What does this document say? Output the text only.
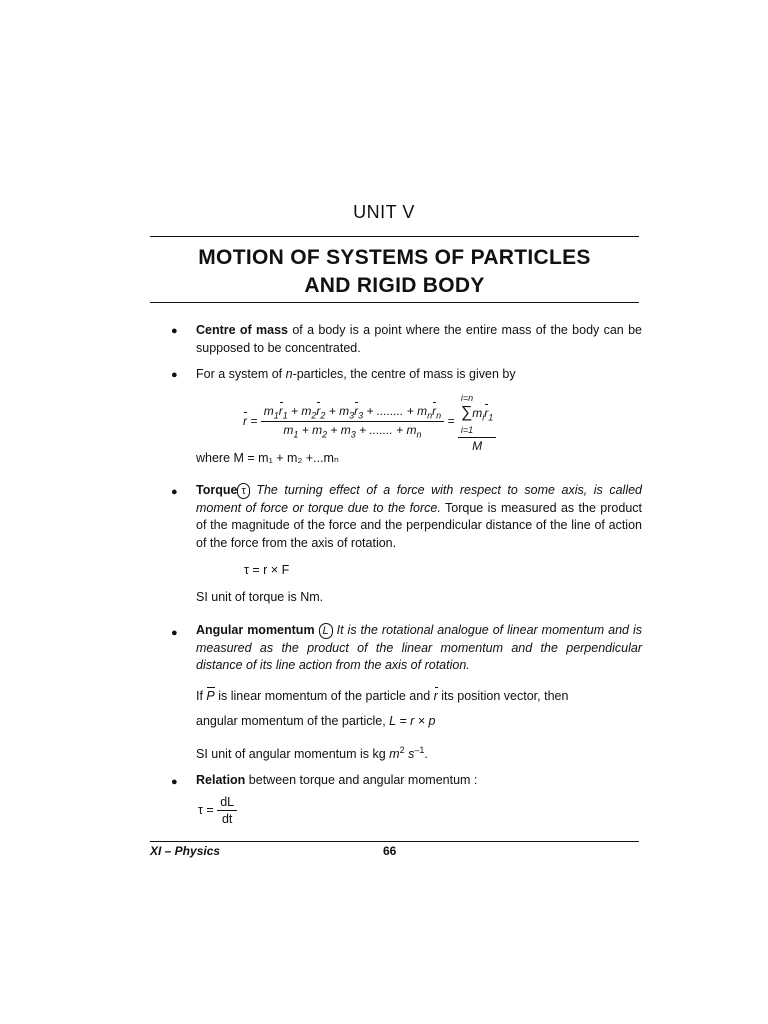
UNIT V
MOTION OF SYSTEMS OF PARTICLES
AND RIGID BODY
● Centre of mass of a body is a point where the entire mass of the body can be supposed to be concentrated.
● For a system of n-particles, the centre of mass is given by
$r = \frac{m_1r_1 + m_2r_2 + m_3r_3 + ........ + m_nr_n}{m_1 + m_2 + m_3 + ....... + m_n}$ =
i=n
$\sum m_ir_1$
i=1
M
where M = m₁ + m₂ +...mₙ
● Torque τ The turning effect of a force with respect to some axis, is called moment of force or torque due to the force. Torque is measured as the product of the magnitude of the force and the perpendicular distance of the line of action of the force from the axis of rotation.
τ = r × F
SI unit of torque is Nm.
● Angular momentum L It is the rotational analogue of linear momentum and is measured as the product of the linear momentum and the perpendicular distance of its line action from the axis of rotation.
If P is linear momentum of the particle and r its position vector, then
angular momentum of the particle, L = r × p
SI unit of angular momentum is kg $m^2$ $s^{-1}$.
● Relation between torque and angular momentum :
$\tau = \frac{dL}{dt}$
XI – Physics	66
